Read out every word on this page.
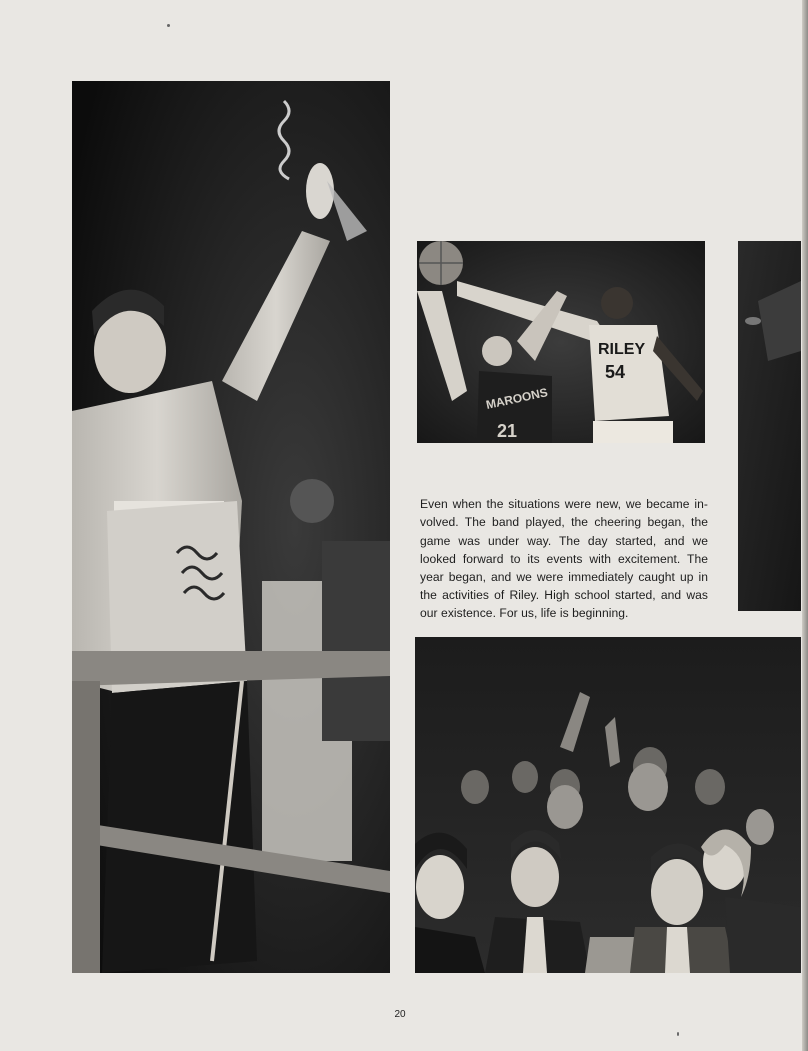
RILEY
54
MAROONS
21

Even when the situations were new, we became in-volved. The band played, the cheering began, the game was under way. The day started, and we looked forward to its events with excitement. The year began, and we were immediately caught up in the activities of Riley. High school started, and was our existence. For us, life is beginning.

20
